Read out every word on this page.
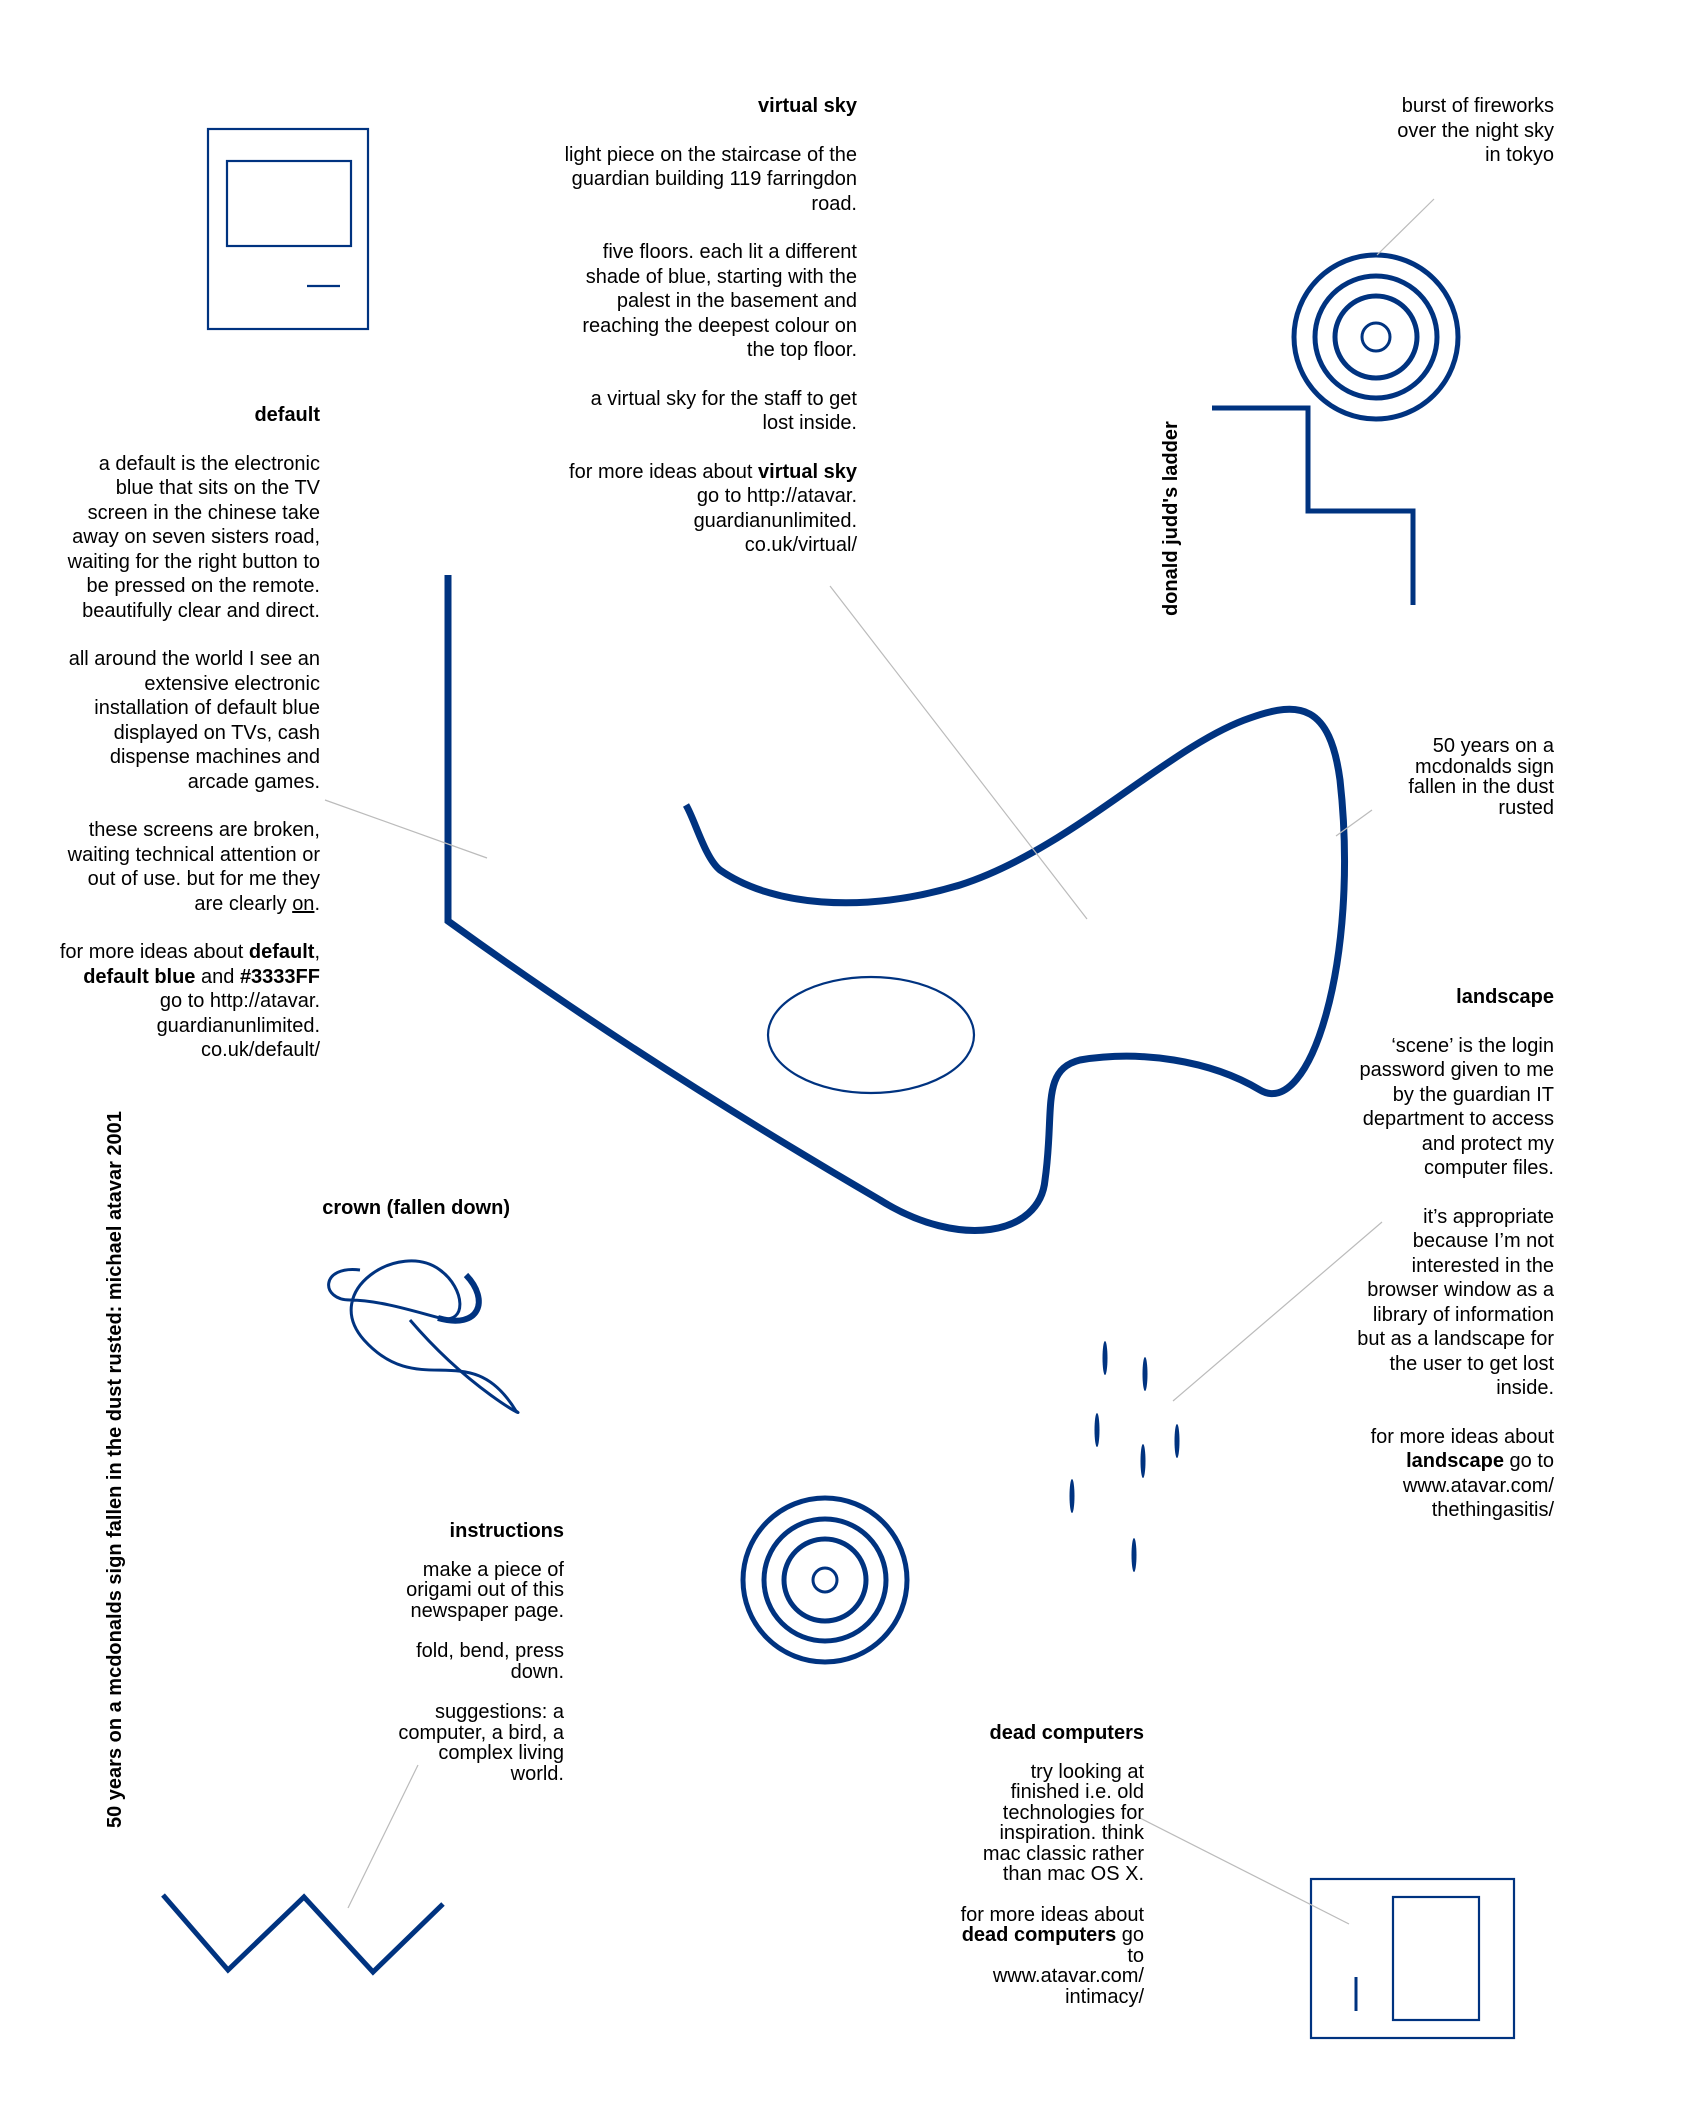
virtual sky

light piece on the staircase of the guardian building 119 farringdon road.

five floors. each lit a different shade of blue, starting with the palest in the basement and reaching the deepest colour on the top floor.

a virtual sky for the staff to get lost inside.

for more ideas about virtual sky go to http://atavar.
guardianunlimited.
co.uk/virtual/

burst of fireworks over the night sky in tokyo

default

a default is the electronic blue that sits on the TV screen in the chinese take away on seven sisters road, waiting for the right button to be pressed on the remote. beautifully clear and direct.

all around the world I see an extensive electronic installation of default blue displayed on TVs, cash dispense machines and arcade games.

these screens are broken, waiting technical attention or out of use. but for me they are clearly on.

for more ideas about default, default blue and #3333FF go to http://atavar.
guardianunlimited.
co.uk/default/

donald judd's ladder

50 years on a mcdonalds sign fallen in the dust rusted

landscape

‘scene’ is the login password given to me by the guardian IT department to access and protect my computer files.

it’s appropriate because I’m not interested in the browser window as a library of information but as a landscape for the user to get lost inside.

for more ideas about landscape go to
www.atavar.com/
thethingasitis/

crown (fallen down)
50 years on a mcdonalds sign fallen in the dust rusted: michael atavar 2001	instructions

make a piece of origami out of this newspaper page.

fold, bend, press down.

suggestions: a computer, a bird, a complex living world.

dead computers

try looking at finished i.e. old technologies for inspiration. think mac classic rather than mac OS X.

for more ideas about dead computers go to
www.atavar.com/
intimacy/
